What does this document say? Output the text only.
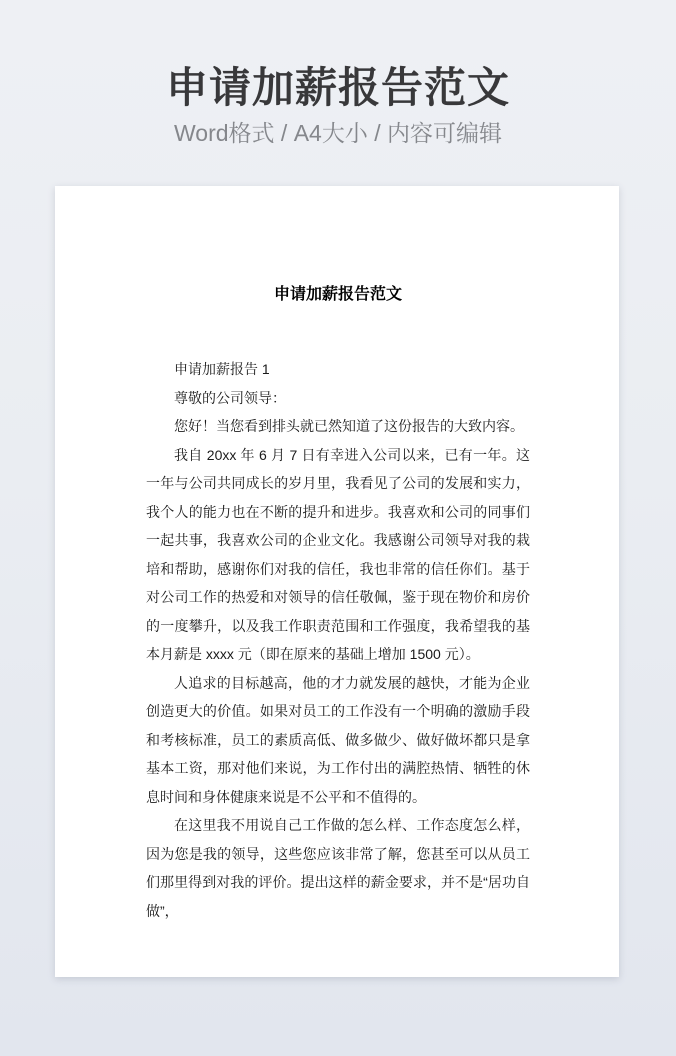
申请加薪报告范文
Word格式 / A4大小 / 内容可编辑
申请加薪报告范文

申请加薪报告 1

尊敬的公司领导：

您好！当您看到排头就已然知道了这份报告的大致内容。

我自 20xx 年 6 月 7 日有幸进入公司以来，已有一年。这一年与公司共同成长的岁月里，我看见了公司的发展和实力，我个人的能力也在不断的提升和进步。我喜欢和公司的同事们一起共事，我喜欢公司的企业文化。我感谢公司领导对我的栽培和帮助，感谢你们对我的信任，我也非常的信任你们。基于对公司工作的热爱和对领导的信任敬佩，鉴于现在物价和房价的一度攀升，以及我工作职责范围和工作强度，我希望我的基本月薪是 xxxx 元（即在原来的基础上增加 1500 元）。

人追求的目标越高，他的才力就发展的越快，才能为企业创造更大的价值。如果对员工的工作没有一个明确的激励手段和考核标准，员工的素质高低、做多做少、做好做坏都只是拿基本工资，那对他们来说，为工作付出的满腔热情、牺牲的休息时间和身体健康来说是不公平和不值得的。

在这里我不用说自己工作做的怎么样、工作态度怎么样，因为您是我的领导，这些您应该非常了解，您甚至可以从员工们那里得到对我的评价。提出这样的薪金要求，并不是“居功自做”，
